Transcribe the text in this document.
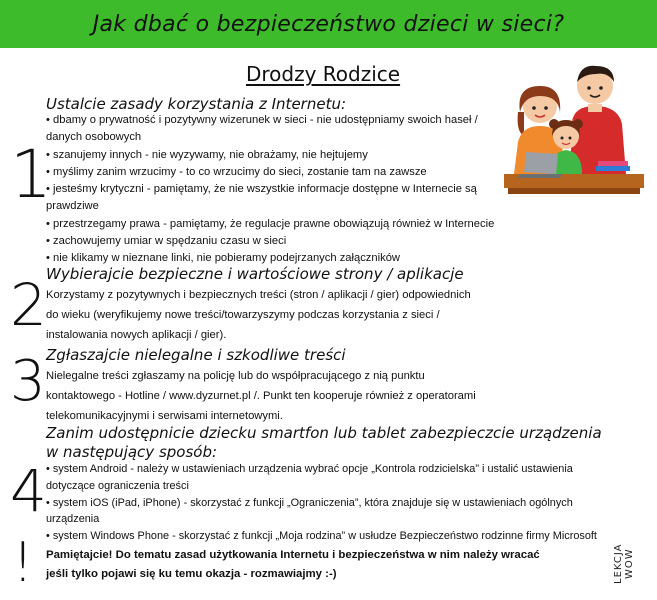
Jak dbać o bezpieczeństwo dzieci w sieci?
Drodzy Rodzice
1
Ustalcie zasady korzystania z Internetu:
• dbamy o prywatność i pozytywny wizerunek w sieci - nie udostępniamy swoich haseł /
danych osobowych
• szanujemy innych - nie wyzywamy, nie obrażamy, nie hejtujemy
• myślimy zanim wrzucimy - to co wrzucimy do sieci, zostanie tam na zawsze
• jesteśmy krytyczni - pamiętamy, że nie wszystkie informacje dostępne w Internecie są
prawdziwe
• przestrzegamy prawa - pamiętamy, że regulacje prawne obowiązują również w Internecie
• zachowujemy umiar w spędzaniu czasu w sieci
• nie klikamy w nieznane linki, nie pobieramy podejrzanych załączników
2 Wybierajcie bezpieczne i wartościowe strony / aplikacje
Korzystamy z pozytywnych i bezpiecznych treści (stron / aplikacji / gier) odpowiednich
do wieku (weryfikujemy nowe treści/towarzyszymy podczas korzystania z sieci /
instalowania nowych aplikacji / gier).
3 Zgłaszajcie nielegalne i szkodliwe treści
Nielegalne treści zgłaszamy na policję lub do współpracującego z nią punktu
kontaktowego - Hotline / www.dyzurnet.pl /. Punkt ten kooperuje również z operatorami
telekomunikacyjnymi i serwisami internetowymi.
4
Zanim udostępnicie dziecku smartfon lub tablet zabezpieczcie urządzenia
w następujący sposób:
• system Android - należy w ustawieniach urządzenia wybrać opcje „Kontrola rodzicielska” i ustalić ustawienia
dotyczące ograniczenia treści
• system iOS (iPad, iPhone) - skorzystać z funkcji „Ograniczenia”, która znajduje się w ustawieniach ogólnych
urządzenia
• system Windows Phone - skorzystać z funkcji „Moja rodzina” w usłudze Bezpieczeństwo rodzinne firmy Microsoft
! Pamiętajcie! Do tematu zasad użytkowania Internetu i bezpieczeństwa w nim należy wracać
jeśli tylko pojawi się ku temu okazja - rozmawiajmy :-)	LEKCJA WOW
